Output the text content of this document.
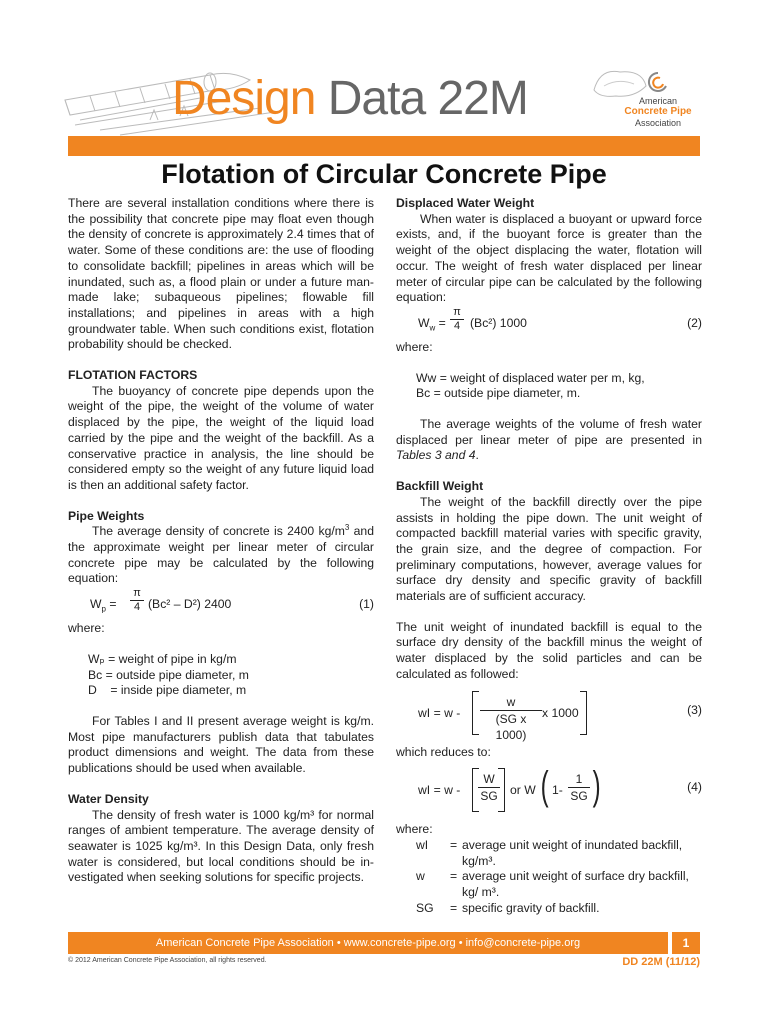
Design Data 22M	American
Concrete Pipe
Association
Flotation of Circular Concrete Pipe

There are several installation conditions where there is the possibility that concrete pipe may float even though the density of concrete is approximately 2.4 times that of water. Some of these conditions are: the use of flooding to consolidate backfill; pipelines in areas which will be inundated, such as, a flood plain or under a future man-made lake; subaqueous pipelines; flowable fill installations; and pipelines in areas with a high groundwater table. When such conditions exist, flotation probability should be checked.

FLOTATION FACTORS

The buoyancy of concrete pipe depends upon the weight of the pipe, the weight of the volume of water displaced by the pipe, the weight of the liquid load carried by the pipe and the weight of the backfill. As a conservative practice in analysis, the line should be considered empty so the weight of any future liquid load is then an additional safety factor.

Pipe Weights

The average density of concrete is 2400 $kg/m^3$ and the approximate weight per linear meter of circular concrete pipe may be calculated by the following equation:

$W_p = \frac{\pi}{4}$ (Bᴄ² – D²) 2400	(1)

where:

Wₚ = weight of pipe in kg/m

Bᴄ = outside pipe diameter, m

D    = inside pipe diameter, m

For Tables I and II present average weight is kg/m. Most pipe manufacturers publish data that tabulates product dimensions and weight. The data from these publications should be used when available.

Water Density

The density of fresh water is 1000 kg/m³ for normal ranges of ambient temperature. The average density of seawater is 1025 kg/m³. In this Design Data, only fresh water is considered, but local conditions should be in-vestigated when seeking solutions for specific projects.

Displaced Water Weight

When water is displaced a buoyant or upward force exists, and, if the buoyant force is greater than the weight of the object displacing the water, flotation will occur. The weight of fresh water displaced per linear meter of circular pipe can be calculated by the following equation:

$W_w = \frac{\pi}{4}$ (Bᴄ²) 1000	(2)

where:

Wᴡ = weight of displaced water per m, kg,

Bᴄ = outside pipe diameter, m.

The average weights of the volume of fresh water displaced per linear meter of pipe are presented in Tables 3 and 4.

Backfill Weight

The weight of the backfill directly over the pipe assists in holding the pipe down. The unit weight of compacted backfill material varies with specific gravity, the grain size, and the degree of compaction. For preliminary computations, however, average values for surface dry density and specific gravity of backfill materials are of sufficient accuracy.

The unit weight of inundated backfill is equal to the surface dry density of the backfill minus the weight of water displaced by the solid particles and can be calculated as followed:

wI = w - $\frac{w}{\text{(SG x 1000)}}$ x 1000	(3)

which reduces to:

wI = w - $\frac{W}{SG}$ or W ( $1- \frac{1}{SG}$ )	(4)

where:

wI	= average unit weight of inundated backfill, kg/m³.
w	= average unit weight of surface dry backfill, kg/ m³.
SG	= specific gravity of backfill.
American Concrete Pipe Association • www.concrete-pipe.org • info@concrete-pipe.org	1
© 2012 American Concrete Pipe Association, all rights reserved.	DD 22M (11/12)
